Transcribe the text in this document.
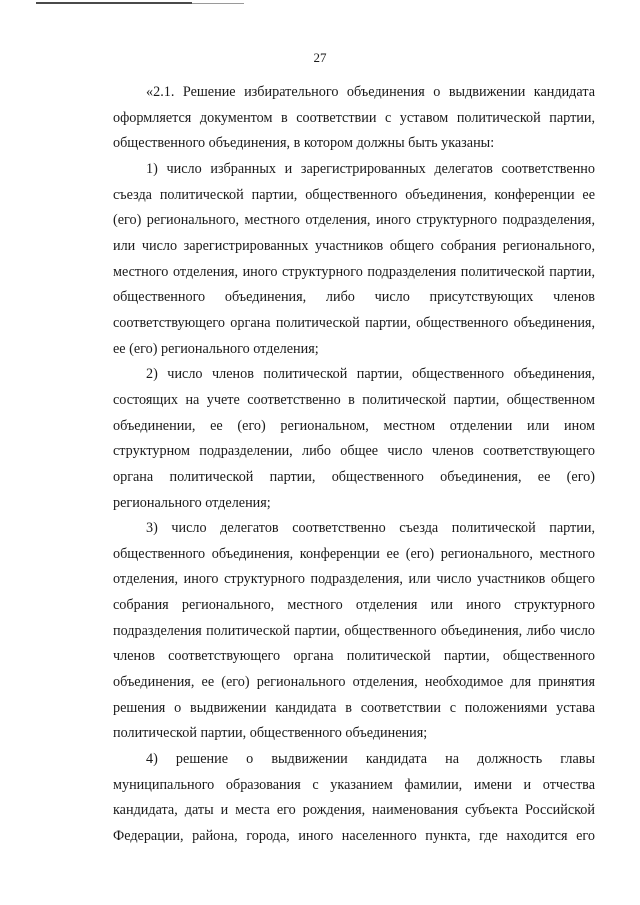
27

«2.1. Решение избирательного объединения о выдвижении кандидата оформляется документом в соответствии с уставом политической партии, общественного объединения, в котором должны быть указаны:

1) число избранных и зарегистрированных делегатов соответственно съезда политической партии, общественного объединения, конференции ее (его) регионального, местного отделения, иного структурного подразделения, или число зарегистрированных участников общего собрания регионального, местного отделения, иного структурного подразделения политической партии, общественного объединения, либо число присутствующих членов соответствующего органа политической партии, общественного объединения, ее (его) регионального отделения;

2) число членов политической партии, общественного объединения, состоящих на учете соответственно в политической партии, общественном объединении, ее (его) региональном, местном отделении или ином структурном подразделении, либо общее число членов соответствующего органа политической партии, общественного объединения, ее (его) регионального отделения;

3) число делегатов соответственно съезда политической партии, общественного объединения, конференции ее (его) регионального, местного отделения, иного структурного подразделения, или число участников общего собрания регионального, местного отделения или иного структурного подразделения политической партии, общественного объединения, либо число членов соответствующего органа политической партии, общественного объединения, ее (его) регионального отделения, необходимое для принятия решения о выдвижении кандидата в соответствии с положениями устава политической партии, общественного объединения;

4) решение о выдвижении кандидата на должность главы муниципального образования с указанием фамилии, имени и отчества кандидата, даты и места его рождения, наименования субъекта Российской Федерации, района, города, иного населенного пункта, где находится его
